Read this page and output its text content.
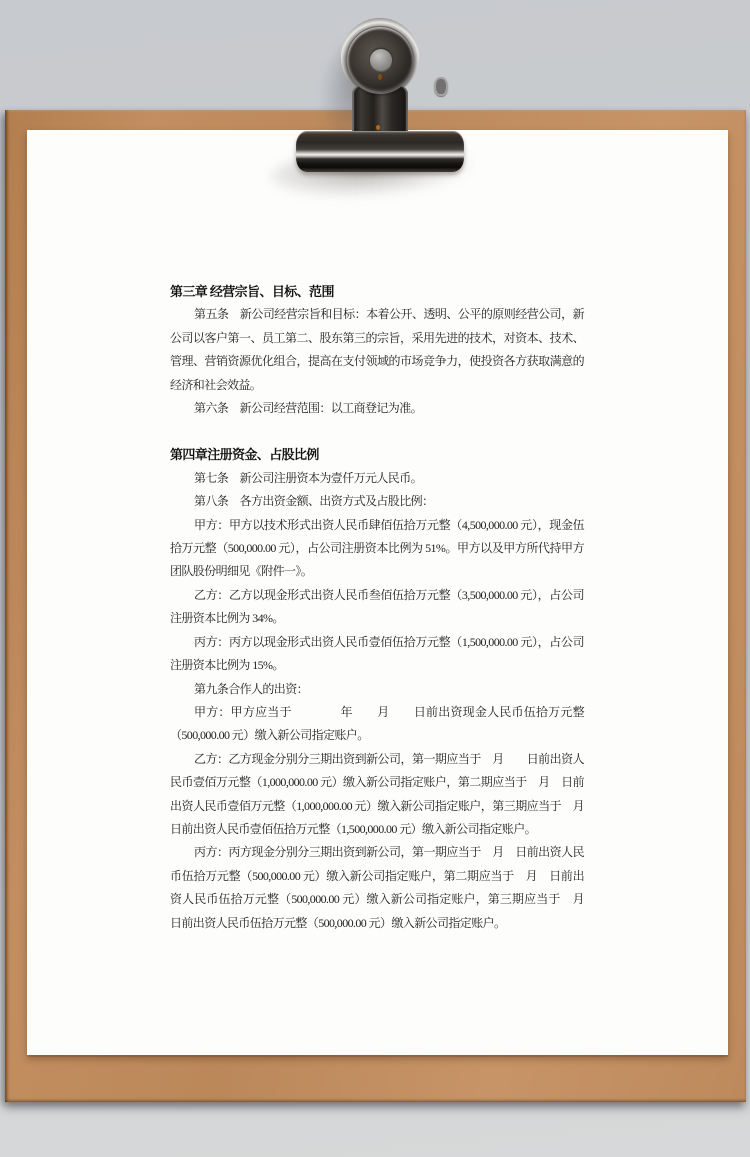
第三章 经营宗旨、目标、范围

第五条　新公司经营宗旨和目标：本着公开、透明、公平的原则经营公司，新公司以客户第一、员工第二、股东第三的宗旨，采用先进的技术，对资本、技术、管理、营销资源优化组合，提高在支付领域的市场竞争力，使投资各方获取满意的经济和社会效益。

第六条　新公司经营范围：以工商登记为准。

第四章注册资金、占股比例

第七条　新公司注册资本为壹仟万元人民币。

第八条　各方出资金额、出资方式及占股比例：

甲方：甲方以技术形式出资人民币肆佰伍拾万元整（4,500,000.00 元），现金伍拾万元整（500,000.00 元），占公司注册资本比例为 51%。甲方以及甲方所代持甲方团队股份明细见《附件一》。

乙方：乙方以现金形式出资人民币叁佰伍拾万元整（3,500,000.00 元），占公司注册资本比例为 34%。

丙方：丙方以现金形式出资人民币壹佰伍拾万元整（1,500,000.00 元），占公司注册资本比例为 15%。

第九条合作人的出资：

甲方：甲方应当于　　　　年　　月　　日前出资现金人民币伍拾万元整（500,000.00 元）缴入新公司指定账户。

乙方：乙方现金分别分三期出资到新公司，第一期应当于　月　　日前出资人民币壹佰万元整（1,000,000.00 元）缴入新公司指定账户，第二期应当于　月　日前出资人民币壹佰万元整（1,000,000.00 元）缴入新公司指定账户，第三期应当于　月　日前出资人民币壹佰伍拾万元整（1,500,000.00 元）缴入新公司指定账户。

丙方：丙方现金分别分三期出资到新公司，第一期应当于　月　日前出资人民币伍拾万元整（500,000.00 元）缴入新公司指定账户，第二期应当于　月　日前出资人民币伍拾万元整（500,000.00 元）缴入新公司指定账户，第三期应当于　月　日前出资人民币伍拾万元整（500,000.00 元）缴入新公司指定账户。
